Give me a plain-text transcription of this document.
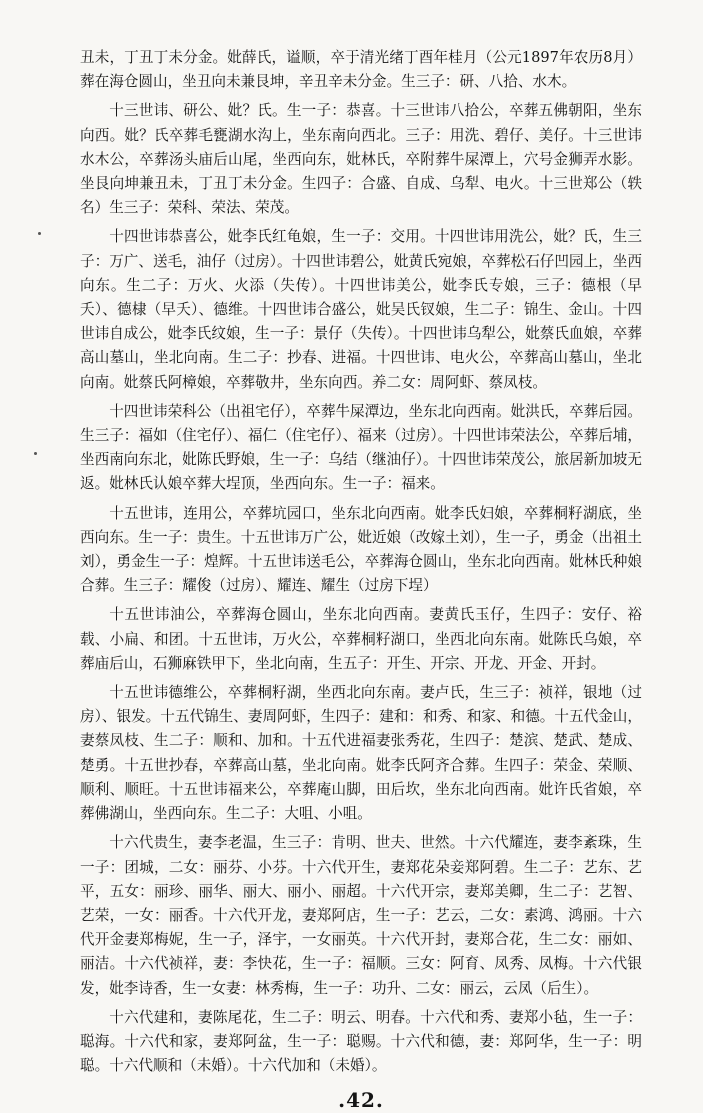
丑未，丁丑丁未分金。妣薛氏，谥顺，卒于清光绪丁酉年桂月（公元1897年农历8月）葬在海仓圆山，坐丑向未兼艮坤，辛丑辛未分金。生三子：研、八拾、水木。

十三世讳、研公、妣？氏。生一子：恭喜。十三世讳八拾公，卒葬五佛朝阳，坐东向西。妣？氏卒葬毛甕湖水沟上，坐东南向西北。三子：用洗、碧仔、美仔。十三世讳水木公，卒葬汤头庙后山尾，坐西向东，妣林氏，卒附葬牛屎潭上，穴号金狮弄水影。坐艮向坤兼丑未，丁丑丁未分金。生四子：合盛、自成、乌犁、电火。十三世郑公（轶名）生三子：荣科、荣法、荣茂。

十四世讳恭喜公，妣李氏红龟娘，生一子：交用。十四世讳用洗公，妣？氏，生三子：万广、送毛，油仔（过房）。十四世讳碧公，妣黄氏宛娘，卒葬松石仔凹园上，坐西向东。生二子：万火、火添（失传）。十四世讳美公，妣李氏专娘，三子：德根（早夭）、德棣（早夭）、德维。十四世讳合盛公，妣吴氏钗娘，生二子：锦生、金山。十四世讳自成公，妣李氏纹娘，生一子：景仔（失传）。十四世讳乌犁公，妣蔡氏血娘，卒葬高山墓山，坐北向南。生二子：抄春、进福。十四世讳、电火公，卒葬高山墓山，坐北向南。妣蔡氏阿樟娘，卒葬敬井，坐东向西。养二女：周阿虾、蔡凤枝。

十四世讳荣科公（出祖宅仔），卒葬牛屎潭边，坐东北向西南。妣洪氏，卒葬后园。生三子：福如（住宅仔）、福仁（住宅仔）、福来（过房）。十四世讳荣法公，卒葬后埔，坐西南向东北，妣陈氏野娘，生一子：乌结（继油仔）。十四世讳荣茂公，旅居新加坡无返。妣林氏认娘卒葬大埕顶，坐西向东。生一子：福来。

十五世讳，连用公，卒葬坑园口，坐东北向西南。妣李氏妇娘，卒葬桐籽湖底，坐西向东。生一子：贵生。十五世讳万广公，妣近娘（改嫁土刘），生一子，勇金（出祖土刘），勇金生一子：煌辉。十五世讳送毛公，卒葬海仓圆山，坐东北向西南。妣林氏种娘合葬。生三子：耀俊（过房）、耀连、耀生（过房下埕）

十五世讳油公，卒葬海仓圆山，坐东北向西南。妻黄氏玉仔，生四子：安仔、裕载、小扁、和团。十五世讳，万火公，卒葬桐籽湖口，坐西北向东南。妣陈氏乌娘，卒葬庙后山，石狮麻铁甲下，坐北向南，生五子：开生、开宗、开龙、开金、开封。

十五世讳德维公，卒葬桐籽湖，坐西北向东南。妻卢氏，生三子：祯祥，银地（过房）、银发。十五代锦生、妻周阿虾，生四子：建和：和秀、和家、和德。十五代金山，妻蔡凤枝、生二子：顺和、加和。十五代进福妻张秀花，生四子：楚滨、楚武、楚成、楚勇。十五世抄春，卒葬高山墓，坐北向南。妣李氏阿齐合葬。生四子：荣金、荣顺、顺利、顺旺。十五世讳福来公，卒葬庵山脚，田后坎，坐东北向西南。妣许氏省娘，卒葬佛湖山，坐西向东。生二子：大咀、小咀。

十六代贵生，妻李老温，生三子：肯明、世夫、世然。十六代耀连，妻李紊珠，生一子：团城，二女：丽芬、小芬。十六代开生，妻郑花朵妾郑阿碧。生二子：艺东、艺平，五女：丽珍、丽华、丽大、丽小、丽超。十六代开宗，妻郑美卿，生二子：艺智、艺荣，一女：丽香。十六代开龙，妻郑阿店，生一子：艺云，二女：素鸿、鸿丽。十六代开金妻郑梅妮，生一子，泽宇，一女丽英。十六代开封，妻郑合花，生二女：丽如、丽洁。十六代祯祥，妻：李快花，生一子：福顺。三女：阿育、凤秀、凤梅。十六代银发，妣李诗香，生一女妻：林秀梅，生一子：功升、二女：丽云，云凤（后生）。

十六代建和，妻陈尾花，生二子：明云、明春。十六代和秀、妻郑小毡，生一子：聪海。十六代和家，妻郑阿盆，生一子：聪赐。十六代和德，妻：郑阿华，生一子：明聪。十六代顺和（未婚）。十六代加和（未婚）。

.42.
